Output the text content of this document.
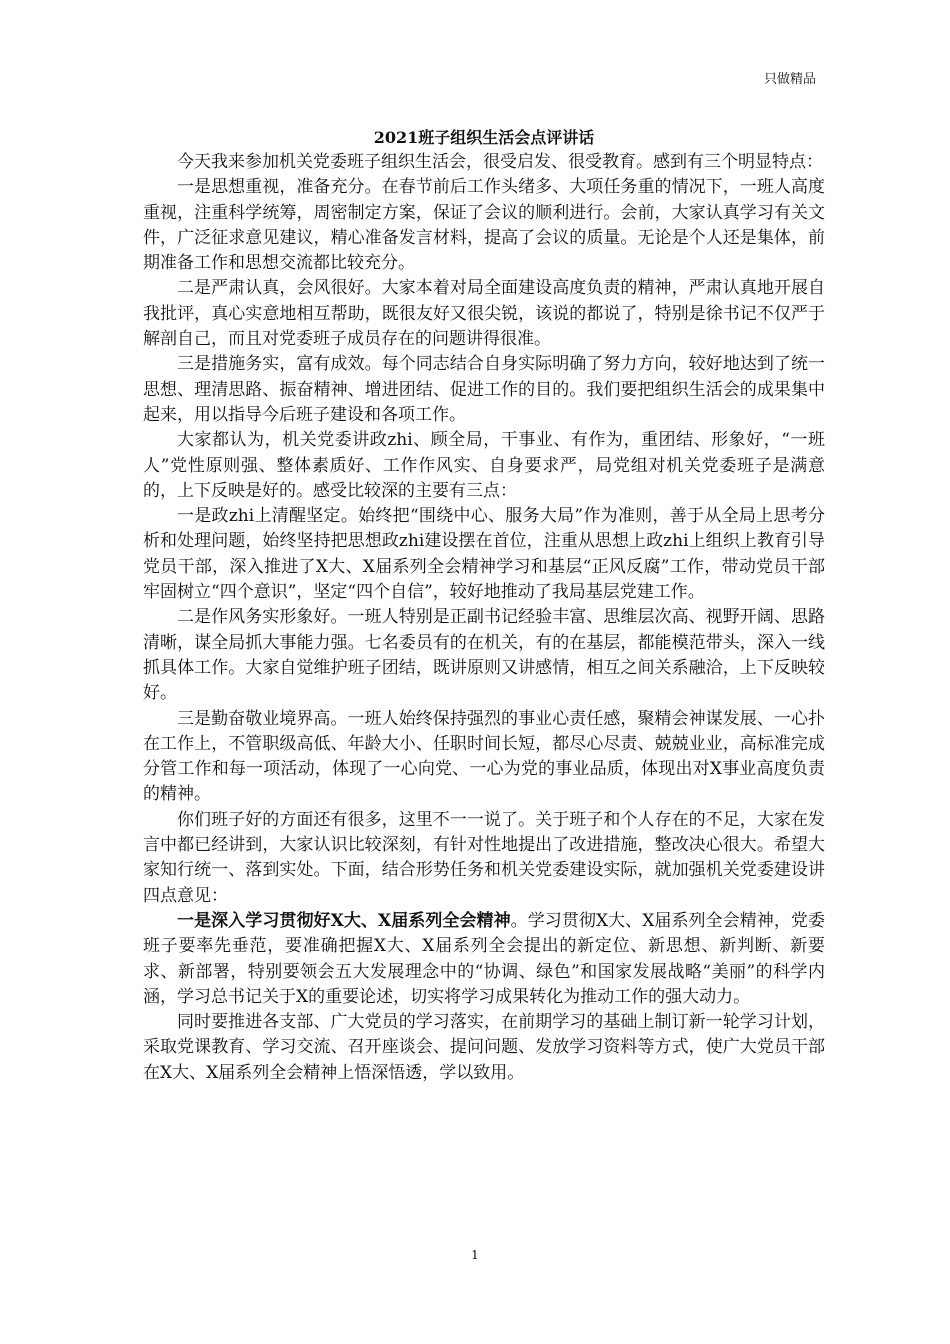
只做精品
2021班子组织生活会点评讲话

今天我来参加机关党委班子组织生活会，很受启发、很受教育。感到有三个明显特点：

一是思想重视，准备充分。在春节前后工作头绪多、大项任务重的情况下，一班人高度重视，注重科学统筹，周密制定方案，保证了会议的顺利进行。会前，大家认真学习有关文件，广泛征求意见建议，精心准备发言材料，提高了会议的质量。无论是个人还是集体，前期准备工作和思想交流都比较充分。

二是严肃认真，会风很好。大家本着对局全面建设高度负责的精神，严肃认真地开展自我批评，真心实意地相互帮助，既很友好又很尖锐，该说的都说了，特别是徐书记不仅严于解剖自己，而且对党委班子成员存在的问题讲得很准。

三是措施务实，富有成效。每个同志结合自身实际明确了努力方向，较好地达到了统一思想、理清思路、振奋精神、增进团结、促进工作的目的。我们要把组织生活会的成果集中起来，用以指导今后班子建设和各项工作。

大家都认为，机关党委讲政zhi、顾全局，干事业、有作为，重团结、形象好，“一班人”党性原则强、整体素质好、工作作风实、自身要求严，局党组对机关党委班子是满意的，上下反映是好的。感受比较深的主要有三点：

一是政zhi上清醒坚定。始终把“围绕中心、服务大局”作为准则，善于从全局上思考分析和处理问题，始终坚持把思想政zhi建设摆在首位，注重从思想上政zhi上组织上教育引导党员干部，深入推进了X大、X届系列全会精神学习和基层“正风反腐”工作，带动党员干部牢固树立“四个意识”，坚定“四个自信”，较好地推动了我局基层党建工作。

二是作风务实形象好。一班人特别是正副书记经验丰富、思维层次高、视野开阔、思路清晰，谋全局抓大事能力强。七名委员有的在机关，有的在基层，都能模范带头，深入一线抓具体工作。大家自觉维护班子团结，既讲原则又讲感情，相互之间关系融洽，上下反映较好。

三是勤奋敬业境界高。一班人始终保持强烈的事业心责任感，聚精会神谋发展、一心扑在工作上，不管职级高低、年龄大小、任职时间长短，都尽心尽责、兢兢业业，高标准完成分管工作和每一项活动，体现了一心向党、一心为党的事业品质，体现出对X事业高度负责的精神。

你们班子好的方面还有很多，这里不一一说了。关于班子和个人存在的不足，大家在发言中都已经讲到，大家认识比较深刻，有针对性地提出了改进措施，整改决心很大。希望大家知行统一、落到实处。下面，结合形势任务和机关党委建设实际，就加强机关党委建设讲四点意见：

一是深入学习贯彻好X大、X届系列全会精神。学习贯彻X大、X届系列全会精神，党委班子要率先垂范，要准确把握X大、X届系列全会提出的新定位、新思想、新判断、新要求、新部署，特别要领会五大发展理念中的“协调、绿色”和国家发展战略“美丽”的科学内涵，学习总书记关于X的重要论述，切实将学习成果转化为推动工作的强大动力。

同时要推进各支部、广大党员的学习落实，在前期学习的基础上制订新一轮学习计划，采取党课教育、学习交流、召开座谈会、提问问题、发放学习资料等方式，使广大党员干部在X大、X届系列全会精神上悟深悟透，学以致用。

1
